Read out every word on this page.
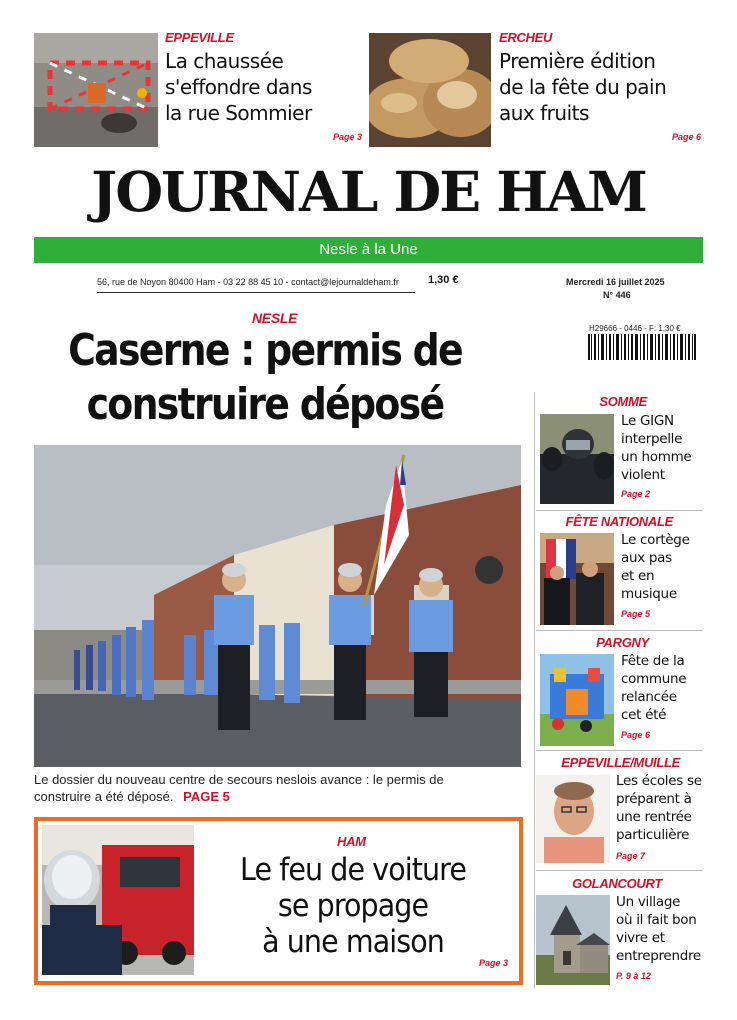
EPPEVILLE
La chaussée
s'effondre dans
la rue Sommier
Page 3
ERCHEU
Première édition
de la fête du pain
aux fruits
Page 6
JOURNAL DE HAM
Nesle à la Une
56, rue de Noyon 80400 Ham - 03 22 88 45 10 - contact@lejournaldeham.fr	1,30 €	Mercredi 16 juillet 2025
N° 446
H29666 - 0446 - F: 1,30 €
NESLE
Caserne : permis de
construire déposé
Le dossier du nouveau centre de secours neslois avance : le permis de
construire a été déposé. PAGE 5
HAM
Le feu de voiture
se propage
à une maison
Page 3
SOMME
Le GIGN
interpelle
un homme
violent
Page 2
FÊTE NATIONALE
Le cortège
aux pas
et en
musique
Page 5
PARGNY
Fête de la
commune
relancée
cet été
Page 6
EPPEVILLE/MUILLE
Les écoles se
préparent à
une rentrée
particulière
Page 7
GOLANCOURT
Un village
où il fait bon
vivre et
entreprendre
P. 9 à 12
